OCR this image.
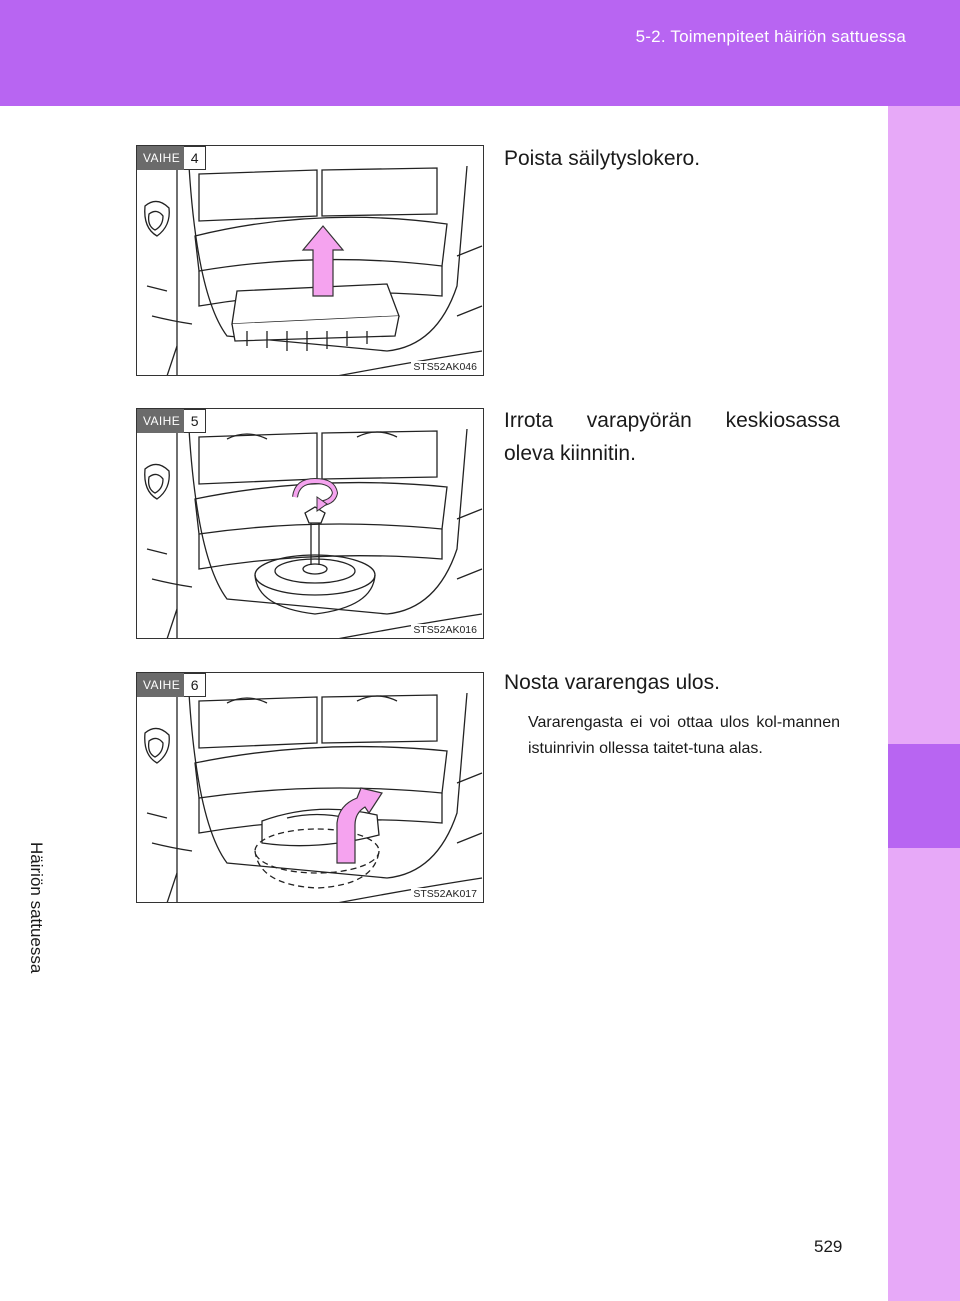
5-2. Toimenpiteet häiriön sattuessa
5
Häiriön sattuessa
VAIHE 4
STS52AK046
Poista säilytyslokero.
VAIHE 5
STS52AK016
Irrota varapyörän keskiosassa oleva kiinnitin.
VAIHE 6
STS52AK017
Nosta vararengas ulos.
Vararengasta ei voi ottaa ulos kol-mannen istuinrivin ollessa taitet-tuna alas.
529
